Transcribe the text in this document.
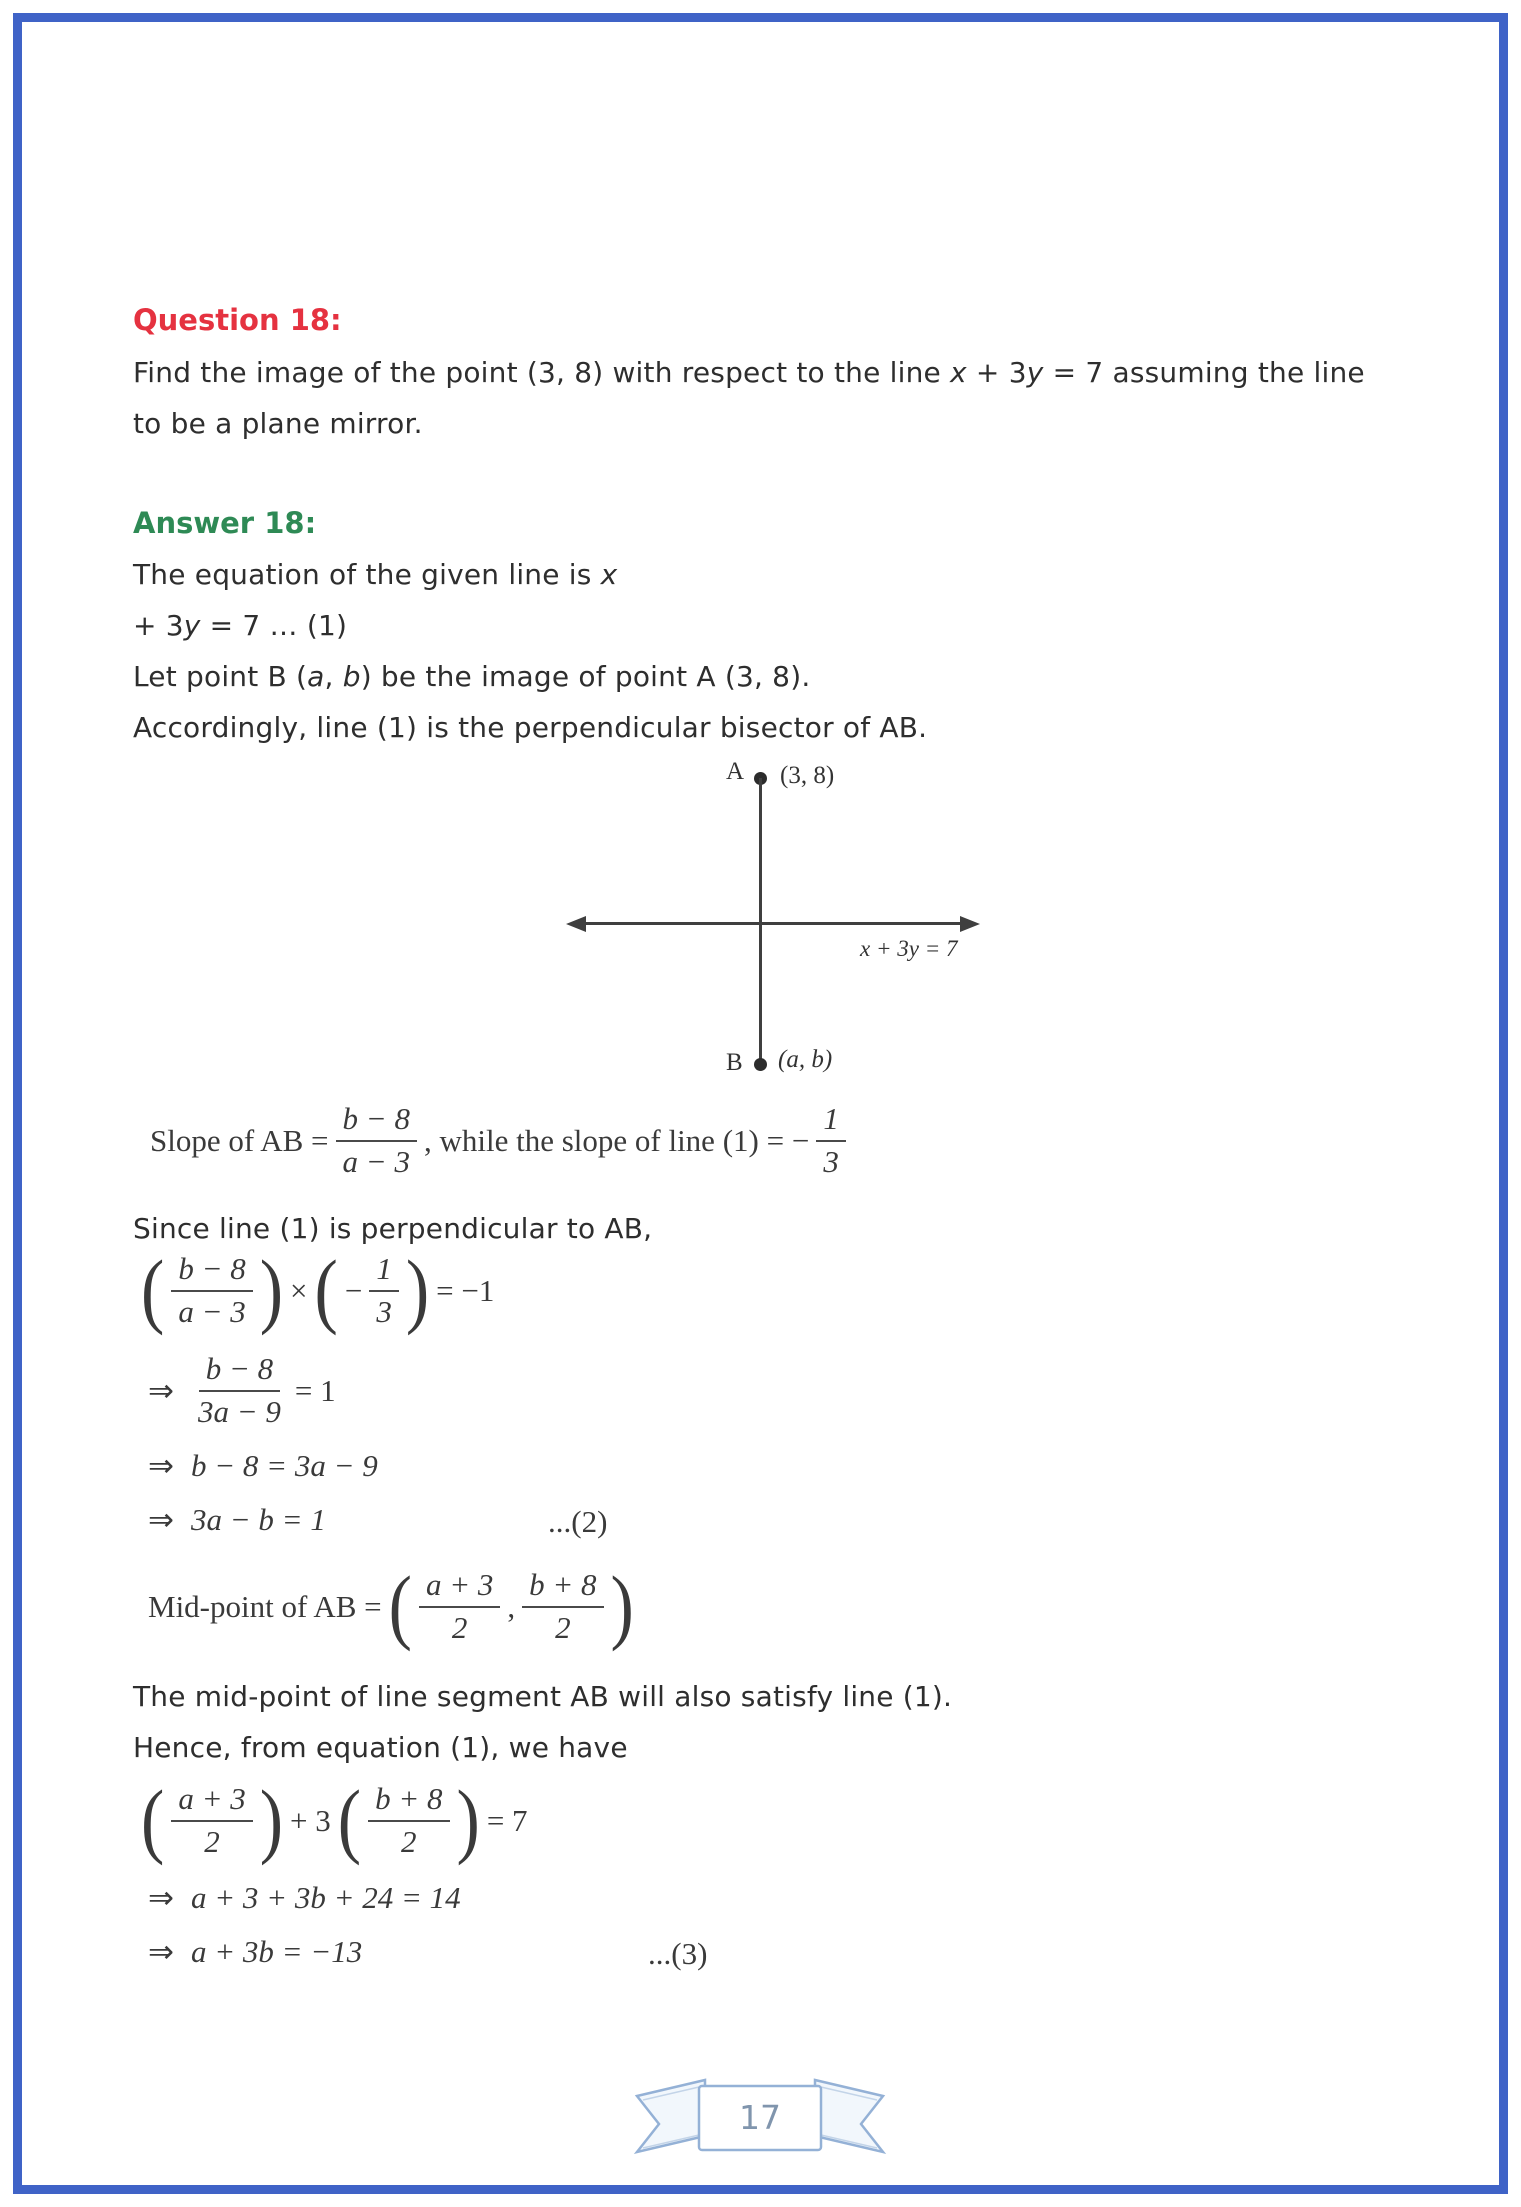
Question 18:
Find the image of the point (3, 8) with respect to the line x + 3y = 7 assuming the line
to be a plane mirror.
Answer 18:
The equation of the given line is x
+ 3y = 7 … (1)
Let point B (a, b) be the image of point A (3, 8).
Accordingly, line (1) is the perpendicular bisector of AB.
A (3, 8)
x + 3y = 7
B (a, b)
Slope of AB = $\frac{b - 8}{a - 3}$ , while the slope of line (1) = − $\frac{1}{3}$
Since line (1) is perpendicular to AB,
( $\frac{b - 8}{a - 3}$ ) × ( − $\frac{1}{3}$ ) = −1
⇒ $\frac{b - 8}{3a - 9} = 1$
⇒ b − 8 = 3a − 9
⇒ 3a − b = 1	...(2)
Mid-point of AB = ( $\frac{a + 3}{2}$ , $\frac{b + 8}{2}$ )
The mid-point of line segment AB will also satisfy line (1).
Hence, from equation (1), we have
( $\frac{a + 3}{2}$ ) + 3 ( $\frac{b + 8}{2}$ ) = 7
⇒ a + 3 + 3b + 24 = 14
⇒ a + 3b = −13	...(3)
17
